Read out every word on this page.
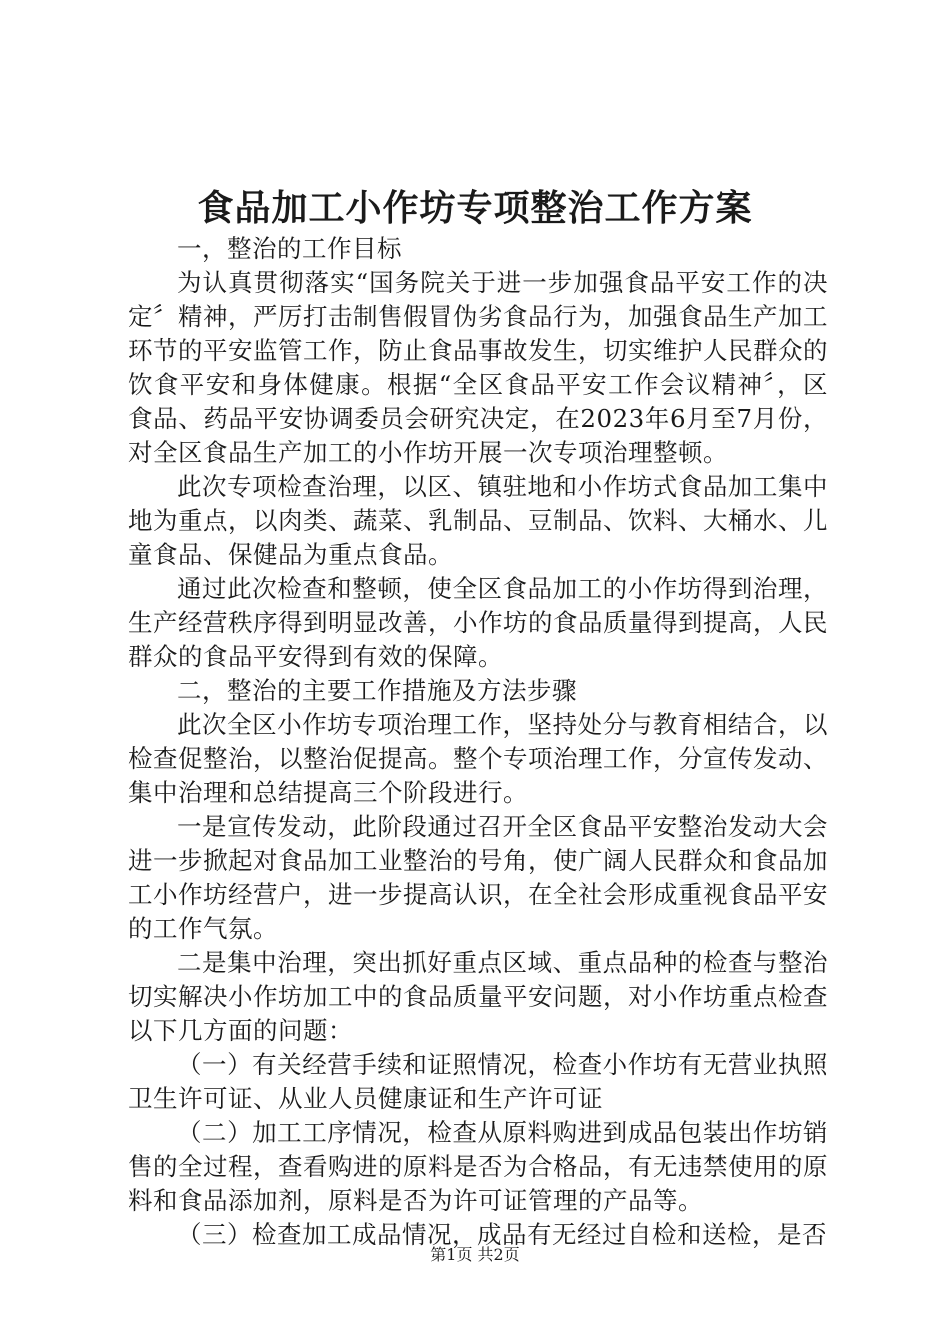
食品加工小作坊专项整治工作方案

一，整治的工作目标

为认真贯彻落实“国务院关于进一步加强食品平安工作的决定〞精神，严厉打击制售假冒伪劣食品行为，加强食品生产加工环节的平安监管工作，防止食品事故发生，切实维护人民群众的饮食平安和身体健康。根据“全区食品平安工作会议精神〞，区食品、药品平安协调委员会研究决定，在2023年6月至7月份，对全区食品生产加工的小作坊开展一次专项治理整顿。

此次专项检查治理，以区、镇驻地和小作坊式食品加工集中地为重点，以肉类、蔬菜、乳制品、豆制品、饮料、大桶水、儿童食品、保健品为重点食品。

通过此次检查和整顿，使全区食品加工的小作坊得到治理，生产经营秩序得到明显改善，小作坊的食品质量得到提高，人民群众的食品平安得到有效的保障。

二，整治的主要工作措施及方法步骤

此次全区小作坊专项治理工作，坚持处分与教育相结合，以检查促整治，以整治促提高。整个专项治理工作，分宣传发动、集中治理和总结提高三个阶段进行。

一是宣传发动，此阶段通过召开全区食品平安整治发动大会进一步掀起对食品加工业整治的号角，使广阔人民群众和食品加工小作坊经营户，进一步提高认识，在全社会形成重视食品平安的工作气氛。

二是集中治理，突出抓好重点区域、重点品种的检查与整治切实解决小作坊加工中的食品质量平安问题，对小作坊重点检查以下几方面的问题：

（一）有关经营手续和证照情况，检查小作坊有无营业执照卫生许可证、从业人员健康证和生产许可证

（二）加工工序情况，检查从原料购进到成品包装出作坊销售的全过程，查看购进的原料是否为合格品，有无违禁使用的原料和食品添加剂，原料是否为许可证管理的产品等。

（三）检查加工成品情况，成品有无经过自检和送检，是否

第1页 共2页
